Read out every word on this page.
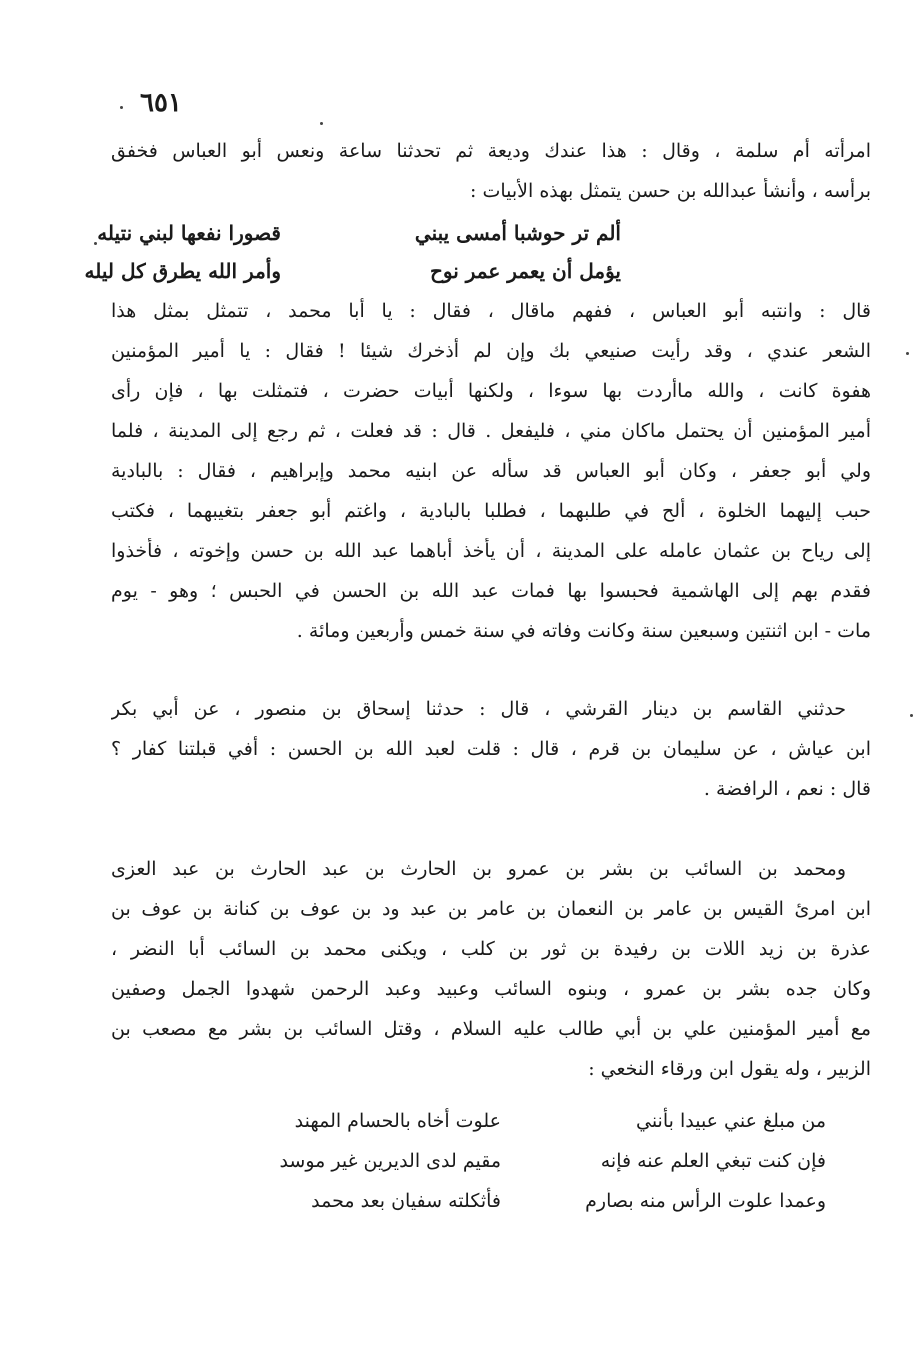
٦٥١
امرأته أم سلمة ، وقال : هذا عندك وديعة ثم تحدثنا ساعة ونعس أبو العباس فخفق
برأسه ، وأنشأ عبدالله بن حسن يتمثل بهذه الأبيات :
ألم تر حوشبا أمسى يبني
قصورا نفعها لبني نتيله
يؤمل أن يعمر عمر نوح
وأمر الله يطرق كل ليله
قال : وانتبه أبو العباس ، ففهم ماقال ، فقال : يا أبا محمد ، تتمثل بمثل هذا
الشعر عندي ، وقد رأيت صنيعي بك وإن لم أذخرك شيئا ! فقال : يا أمير المؤمنين
هفوة كانت ، والله ماأردت بها سوءا ، ولكنها أبيات حضرت ، فتمثلت بها ، فإن رأى
أمير المؤمنين أن يحتمل ماكان مني ، فليفعل . قال : قد فعلت ، ثم رجع إلى المدينة ، فلما
ولي أبو جعفر ، وكان أبو العباس قد سأله عن ابنيه محمد وإبراهيم ، فقال : بالبادية
حبب إليهما الخلوة ، ألح في طلبهما ، فطلبا بالبادية ، واغتم أبو جعفر بتغيبهما ، فكتب
إلى رياح بن عثمان عامله على المدينة ، أن يأخذ أباهما عبد الله بن حسن وإخوته ، فأخذوا
فقدم بهم إلى الهاشمية فحبسوا بها فمات عبد الله بن الحسن في الحبس ؛ وهو - يوم
مات - ابن اثنتين وسبعين سنة وكانت وفاته في سنة خمس وأربعين ومائة .
حدثني القاسم بن دينار القرشي ، قال : حدثنا إسحاق بن منصور ، عن أبي بكر
ابن عياش ، عن سليمان بن قرم ، قال : قلت لعبد الله بن الحسن : أفي قبلتنا كفار ؟
قال : نعم ، الرافضة .
ومحمد بن السائب بن بشر بن عمرو بن الحارث بن عبد الحارث بن عبد العزى
ابن امرئ القيس بن عامر بن النعمان بن عامر بن عبد ود بن عوف بن كنانة بن عوف بن
عذرة بن زيد اللات بن رفيدة بن ثور بن كلب ، ويكنى محمد بن السائب أبا النضر ،
وكان جده بشر بن عمرو ، وبنوه السائب وعبيد وعبد الرحمن شهدوا الجمل وصفين
مع أمير المؤمنين علي بن أبي طالب عليه السلام ، وقتل السائب بن بشر مع مصعب بن
الزبير ، وله يقول ابن ورقاء النخعي :
من مبلغ عني عبيدا بأنني
علوت أخاه بالحسام المهند
فإن كنت تبغي العلم عنه فإنه
مقيم لدى الديرين غير موسد
وعمدا علوت الرأس منه بصارم
فأثكلته سفيان بعد محمد
